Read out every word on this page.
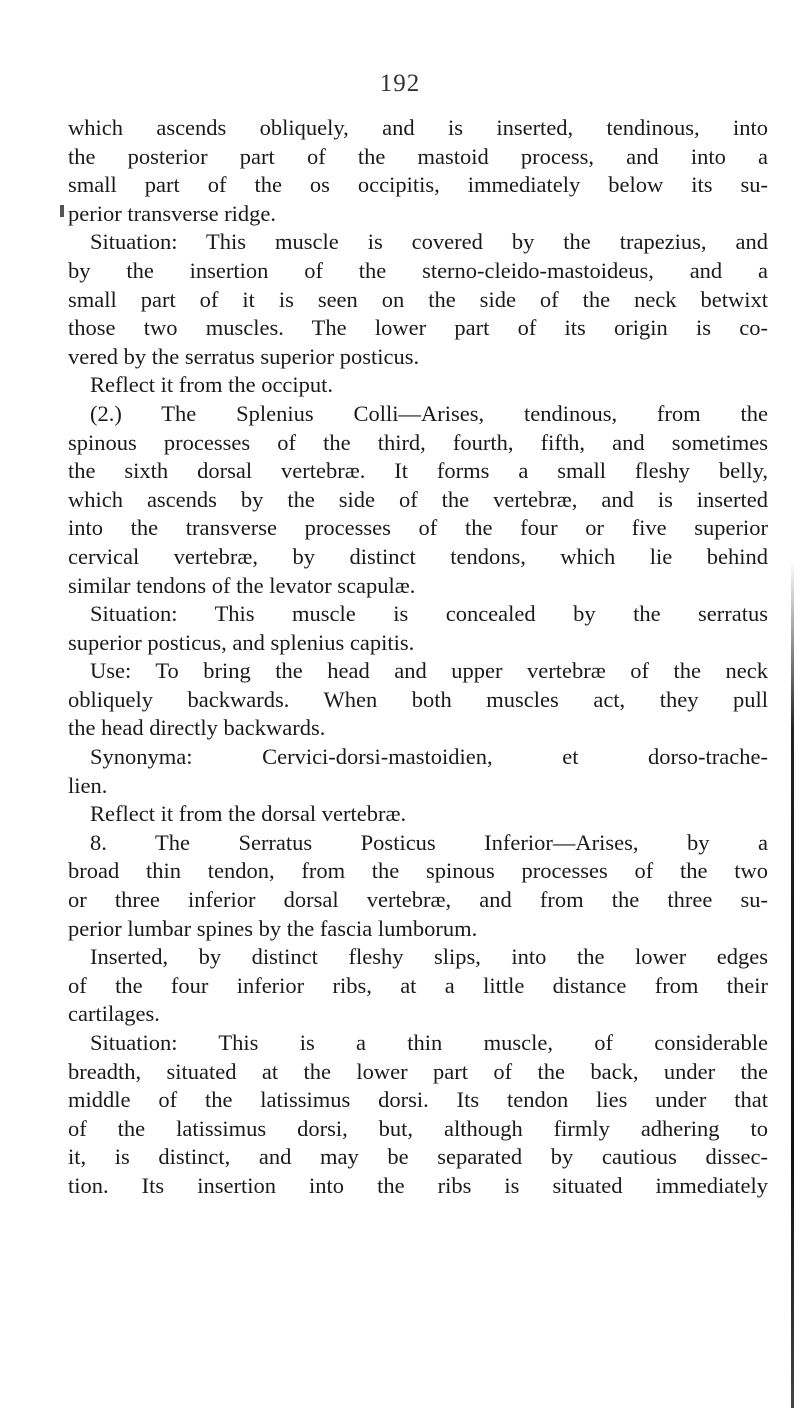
192
which ascends obliquely, and is inserted, tendinous, into
the posterior part of the mastoid process, and into a
small part of the os occipitis, immediately below its su-
perior transverse ridge.
Situation: This muscle is covered by the trapezius, and
by the insertion of the sterno-cleido-mastoideus, and a
small part of it is seen on the side of the neck betwixt
those two muscles. The lower part of its origin is co-
vered by the serratus superior posticus.
Reflect it from the occiput.
(2.) The Splenius Colli—Arises, tendinous, from the
spinous processes of the third, fourth, fifth, and sometimes
the sixth dorsal vertebræ. It forms a small fleshy belly,
which ascends by the side of the vertebræ, and is inserted
into the transverse processes of the four or five superior
cervical vertebræ, by distinct tendons, which lie behind
similar tendons of the levator scapulæ.
Situation: This muscle is concealed by the serratus
superior posticus, and splenius capitis.
Use: To bring the head and upper vertebræ of the neck
obliquely backwards. When both muscles act, they pull
the head directly backwards.
Synonyma: Cervici-dorsi-mastoidien, et dorso-trache-
lien.
Reflect it from the dorsal vertebræ.
8. The Serratus Posticus Inferior—Arises, by a
broad thin tendon, from the spinous processes of the two
or three inferior dorsal vertebræ, and from the three su-
perior lumbar spines by the fascia lumborum.
Inserted, by distinct fleshy slips, into the lower edges
of the four inferior ribs, at a little distance from their
cartilages.
Situation: This is a thin muscle, of considerable
breadth, situated at the lower part of the back, under the
middle of the latissimus dorsi. Its tendon lies under that
of the latissimus dorsi, but, although firmly adhering to
it, is distinct, and may be separated by cautious dissec-
tion. Its insertion into the ribs is situated immediately
